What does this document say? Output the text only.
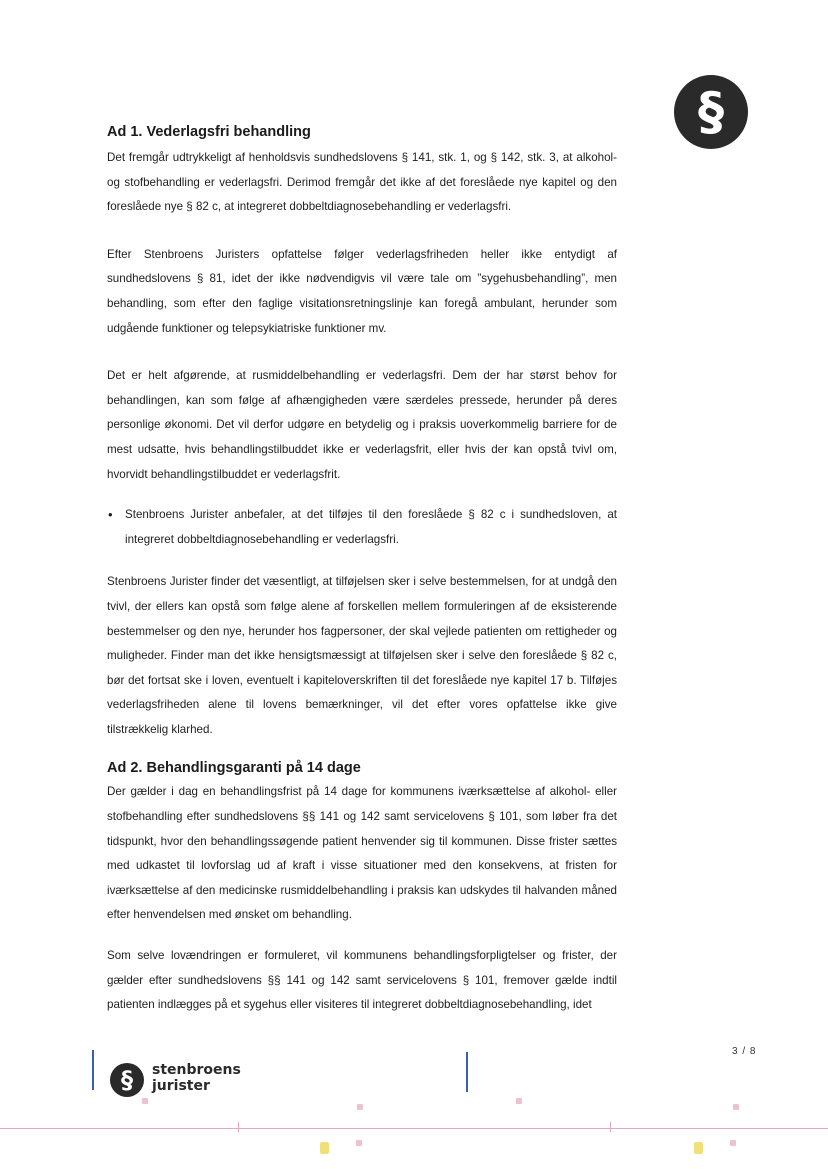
§
Ad 1. Vederlagsfri behandling

Det fremgår udtrykkeligt af henholdsvis sundhedslovens § 141, stk. 1, og § 142, stk. 3, at alkohol- og stofbehandling er vederlagsfri. Derimod fremgår det ikke af det foreslåede nye kapitel og den foreslåede nye § 82 c, at integreret dobbeltdiagnosebehandling er vederlagsfri.

Efter Stenbroens Juristers opfattelse følger vederlagsfriheden heller ikke entydigt af sundhedslovens § 81, idet der ikke nødvendigvis vil være tale om ”sygehusbehandling”, men behandling, som efter den faglige visitationsretningslinje kan foregå ambulant, herunder som udgående funktioner og telepsykiatriske funktioner mv.

Det er helt afgørende, at rusmiddelbehandling er vederlagsfri. Dem der har størst behov for behandlingen, kan som følge af afhængigheden være særdeles pressede, herunder på deres personlige økonomi. Det vil derfor udgøre en betydelig og i praksis uoverkommelig barriere for de mest udsatte, hvis behandlingstilbuddet ikke er vederlagsfrit, eller hvis der kan opstå tvivl om, hvorvidt behandlingstilbuddet er vederlagsfrit.

• Stenbroens Jurister anbefaler, at det tilføjes til den foreslåede § 82 c i sundhedsloven, at integreret dobbeltdiagnosebehandling er vederlagsfri.

Stenbroens Jurister finder det væsentligt, at tilføjelsen sker i selve bestemmelsen, for at undgå den tvivl, der ellers kan opstå som følge alene af forskellen mellem formuleringen af de eksisterende bestemmelser og den nye, herunder hos fagpersoner, der skal vejlede patienten om rettigheder og muligheder. Finder man det ikke hensigtsmæssigt at tilføjelsen sker i selve den foreslåede § 82 c, bør det fortsat ske i loven, eventuelt i kapiteloverskriften til det foreslåede nye kapitel 17 b. Tilføjes vederlagsfriheden alene til lovens bemærkninger, vil det efter vores opfattelse ikke give tilstrækkelig klarhed.

Ad 2. Behandlingsgaranti på 14 dage

Der gælder i dag en behandlingsfrist på 14 dage for kommunens iværksættelse af alkohol- eller stofbehandling efter sundhedslovens §§ 141 og 142 samt servicelovens § 101, som løber fra det tidspunkt, hvor den behandlingssøgende patient henvender sig til kommunen. Disse frister sættes med udkastet til lovforslag ud af kraft i visse situationer med den konsekvens, at fristen for iværksættelse af den medicinske rusmiddelbehandling i praksis kan udskydes til halvanden måned efter henvendelsen med ønsket om behandling.

Som selve lovændringen er formuleret, vil kommunens behandlingsforpligtelser og frister, der gælder efter sundhedslovens §§ 141 og 142 samt servicelovens § 101, fremover gælde indtil patienten indlægges på et sygehus eller visiteres til integreret dobbeltdiagnosebehandling, idet

3 / 8
§	stenbroens
jurister
